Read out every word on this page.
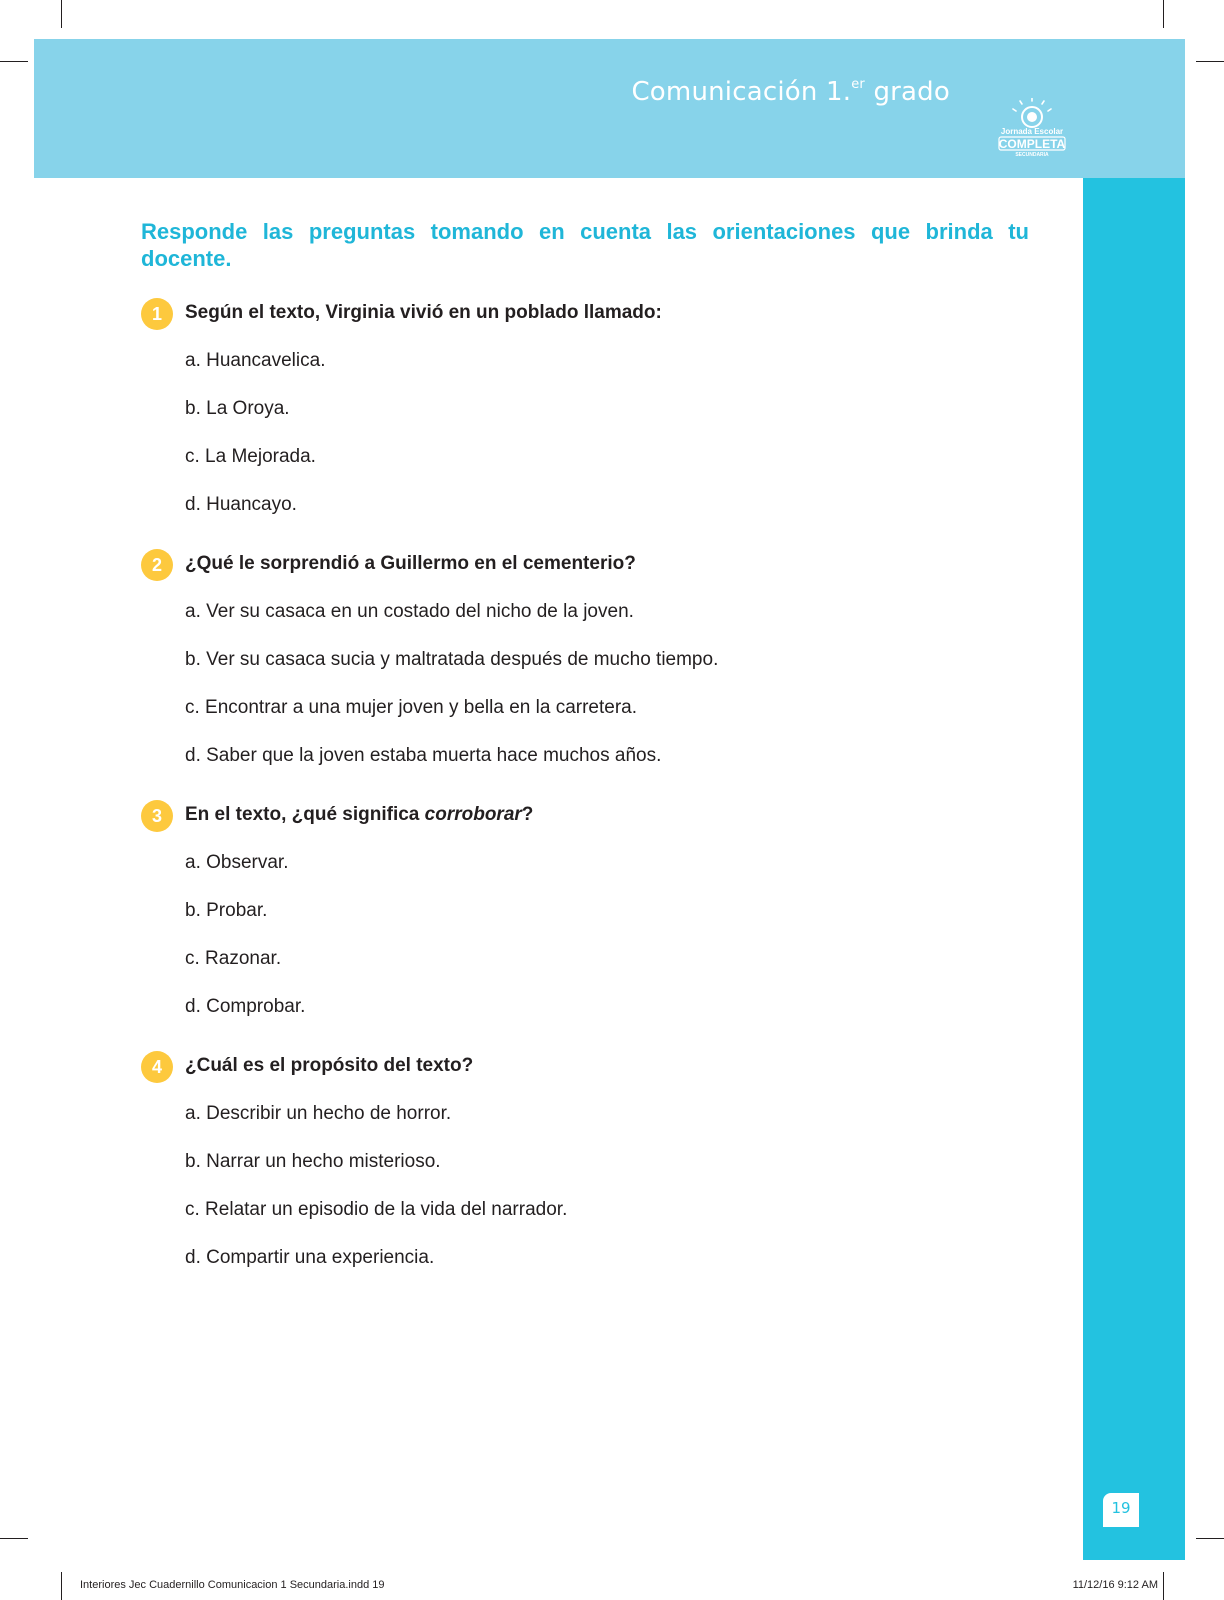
Comunicación 1.$^{er}$ grado
Jornada Escolar
COMPLETA
SECUNDARIA
19
Responde las preguntas tomando en cuenta las orientaciones que brinda tu docente.
1	Según el texto, Virginia vivió en un poblado llamado:
a. Huancavelica.
b. La Oroya.
c. La Mejorada.
d. Huancayo.
2	¿Qué le sorprendió a Guillermo en el cementerio?
a. Ver su casaca en un costado del nicho de la joven.
b. Ver su casaca sucia y maltratada después de mucho tiempo.
c. Encontrar a una mujer joven y bella en la carretera.
d. Saber que la joven estaba muerta hace muchos años.
3	En el texto, ¿qué significa corroborar?
a. Observar.
b. Probar.
c. Razonar.
d. Comprobar.
4	¿Cuál es el propósito del texto?
a. Describir un hecho de horror.
b. Narrar un hecho misterioso.
c. Relatar un episodio de la vida del narrador.
d. Compartir una experiencia.
Interiores Jec Cuadernillo Comunicacion 1 Secundaria.indd 19	11/12/16 9:12 AM
